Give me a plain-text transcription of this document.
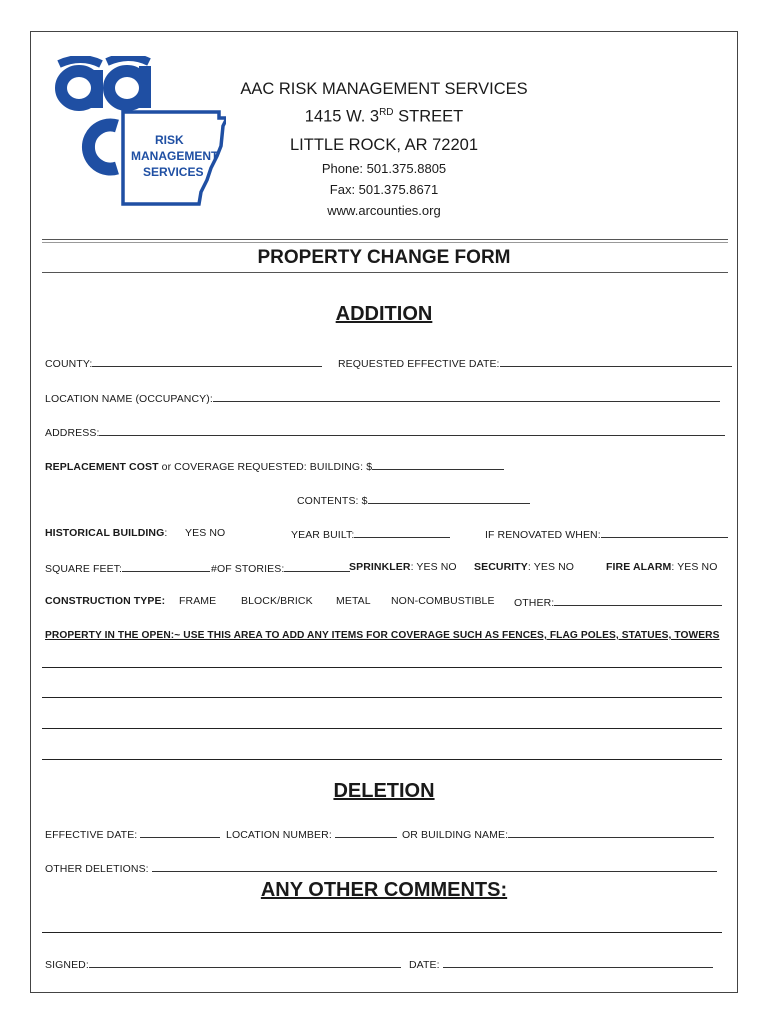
RISK
MANAGEMENT
SERVICES
AAC RISK MANAGEMENT SERVICES
1415 W. 3RD STREET
LITTLE ROCK, AR 72201
Phone: 501.375.8805
Fax: 501.375.8671
www.arcounties.org
PROPERTY CHANGE FORM
ADDITION
COUNTY:	REQUESTED EFFECTIVE DATE:
LOCATION NAME (OCCUPANCY):
ADDRESS:
REPLACEMENT COST or COVERAGE REQUESTED: BUILDING: $
CONTENTS: $
HISTORICAL BUILDING: YES NO	YEAR BUILT:	IF RENOVATED WHEN:
SQUARE FEET:	#OF STORIES:	SPRINKLER: YES NO SECURITY: YES NO	FIRE ALARM: YES NO
CONSTRUCTION TYPE: FRAME BLOCK/BRICK METAL NON-COMBUSTIBLE OTHER:
PROPERTY IN THE OPEN:~ USE THIS AREA TO ADD ANY ITEMS FOR COVERAGE SUCH AS FENCES, FLAG POLES, STATUES, TOWERS
DELETION
EFFECTIVE DATE:	LOCATION NUMBER:	OR BUILDING NAME:
OTHER DELETIONS:
ANY OTHER COMMENTS:
SIGNED:	DATE:
